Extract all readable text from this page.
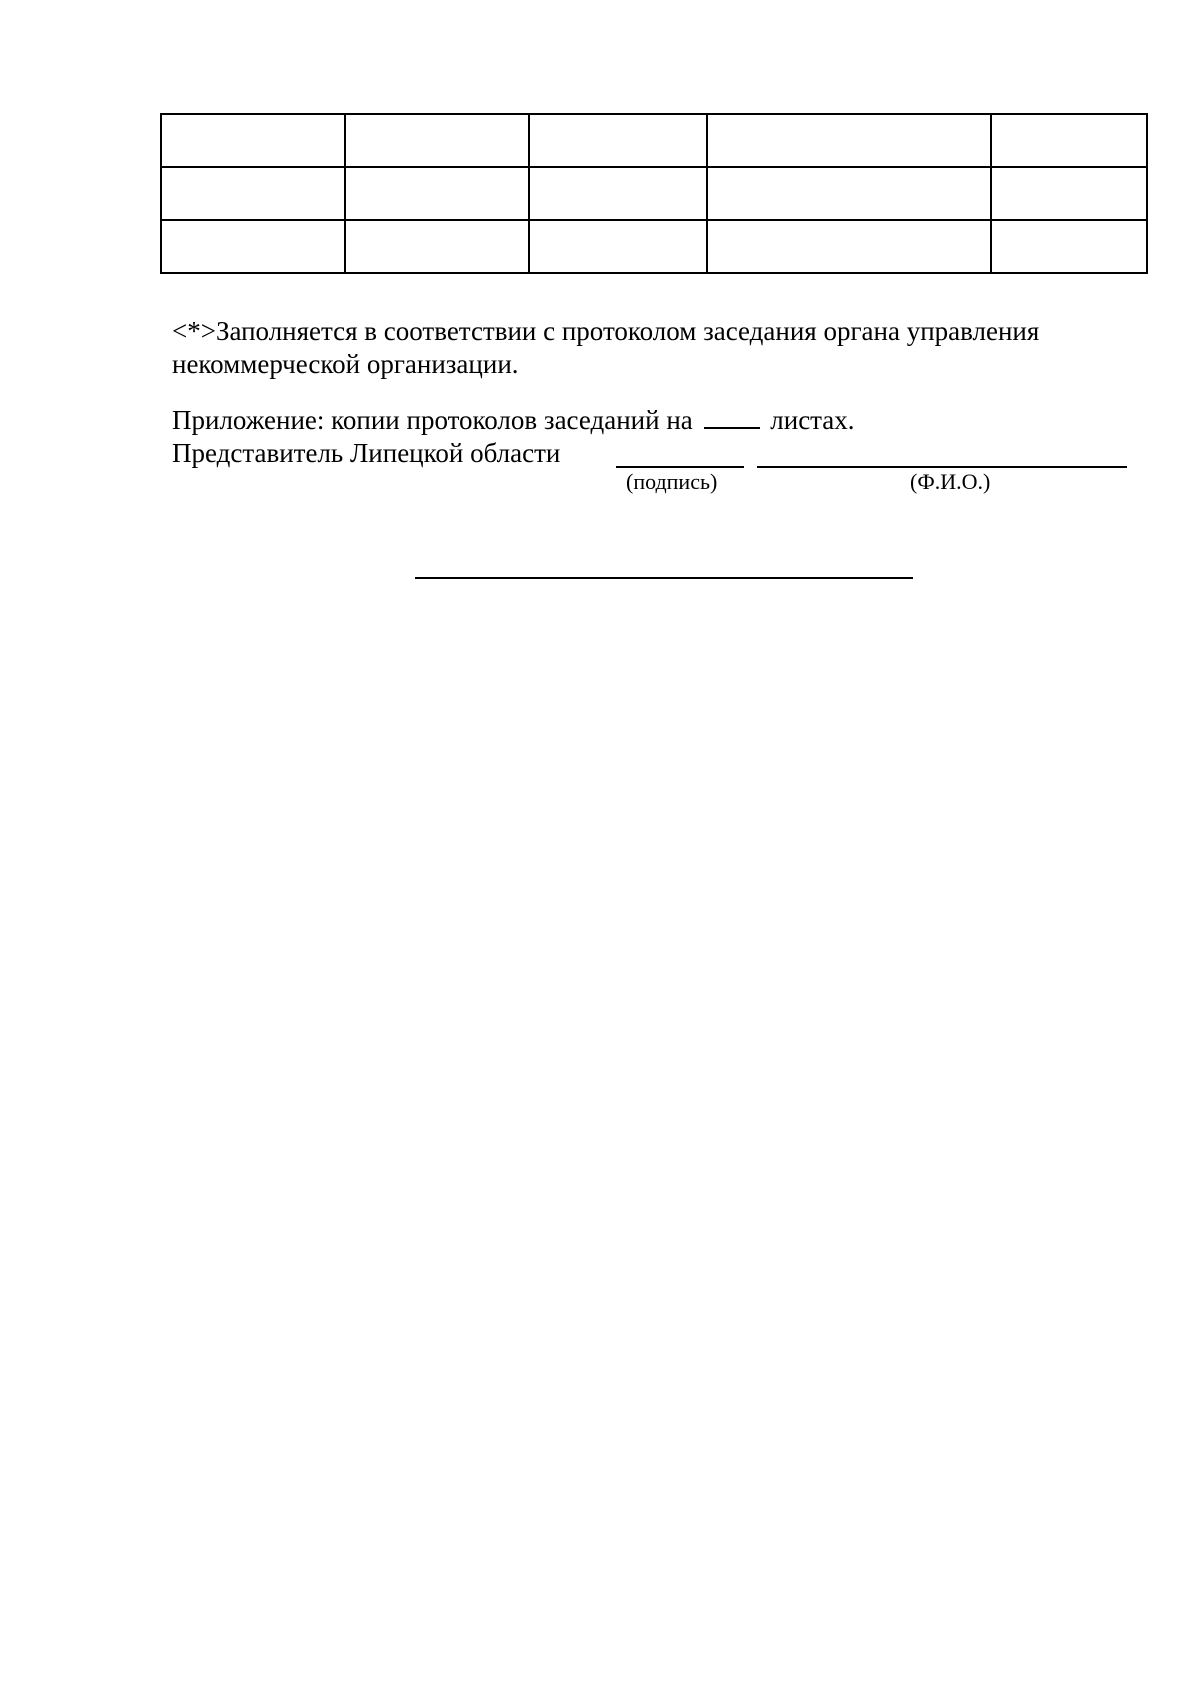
<*>Заполняется в соответствии с протоколом заседания органа управления некоммерческой организации.
Приложение: копии протоколов заседаний на	листах.
Представитель Липецкой области
(подпись)	(Ф.И.О.)
